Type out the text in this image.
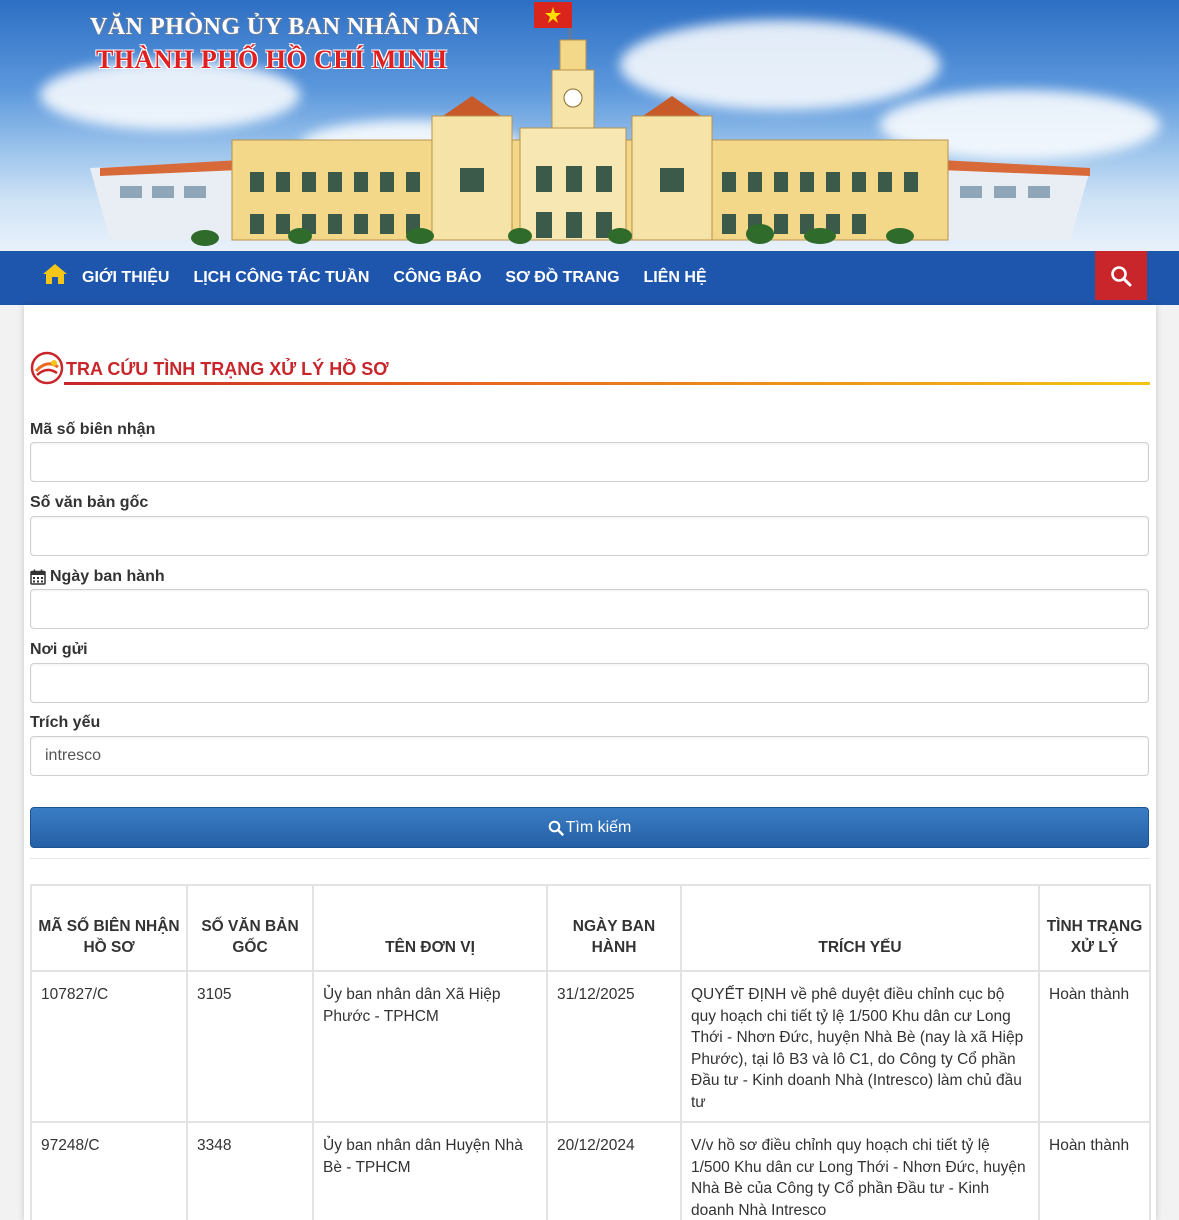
VĂN PHÒNG ỦY BAN NHÂN DÂN
THÀNH PHỐ HỒ CHÍ MINH
GIỚI THIỆU LỊCH CÔNG TÁC TUẦN CÔNG BÁO SƠ ĐỒ TRANG LIÊN HỆ
TRA CỨU TÌNH TRẠNG XỬ LÝ HỒ SƠ
Mã số biên nhận
Số văn bản gốc
Ngày ban hành
Nơi gửi
Trích yếu
intresco
Tìm kiếm
MÃ SỐ BIÊN NHẬN HỒ SƠ	SỐ VĂN BẢN GỐC	TÊN ĐƠN VỊ	NGÀY BAN HÀNH	TRÍCH YẾU	TÌNH TRẠNG XỬ LÝ
107827/C	3105	Ủy ban nhân dân Xã Hiệp Phước - TPHCM	31/12/2025	QUYẾT ĐỊNH về phê duyệt điều chỉnh cục bộ quy hoạch chi tiết tỷ lệ 1/500 Khu dân cư Long Thới - Nhơn Đức, huyện Nhà Bè (nay là xã Hiệp Phước), tại lô B3 và lô C1, do Công ty Cổ phần Đầu tư - Kinh doanh Nhà (Intresco) làm chủ đầu tư	Hoàn thành
97248/C	3348	Ủy ban nhân dân Huyện Nhà Bè - TPHCM	20/12/2024	V/v hồ sơ điều chỉnh quy hoạch chi tiết tỷ lệ 1/500 Khu dân cư Long Thới - Nhơn Đức, huyện Nhà Bè của Công ty Cổ phần Đầu tư - Kinh doanh Nhà Intresco	Hoàn thành
